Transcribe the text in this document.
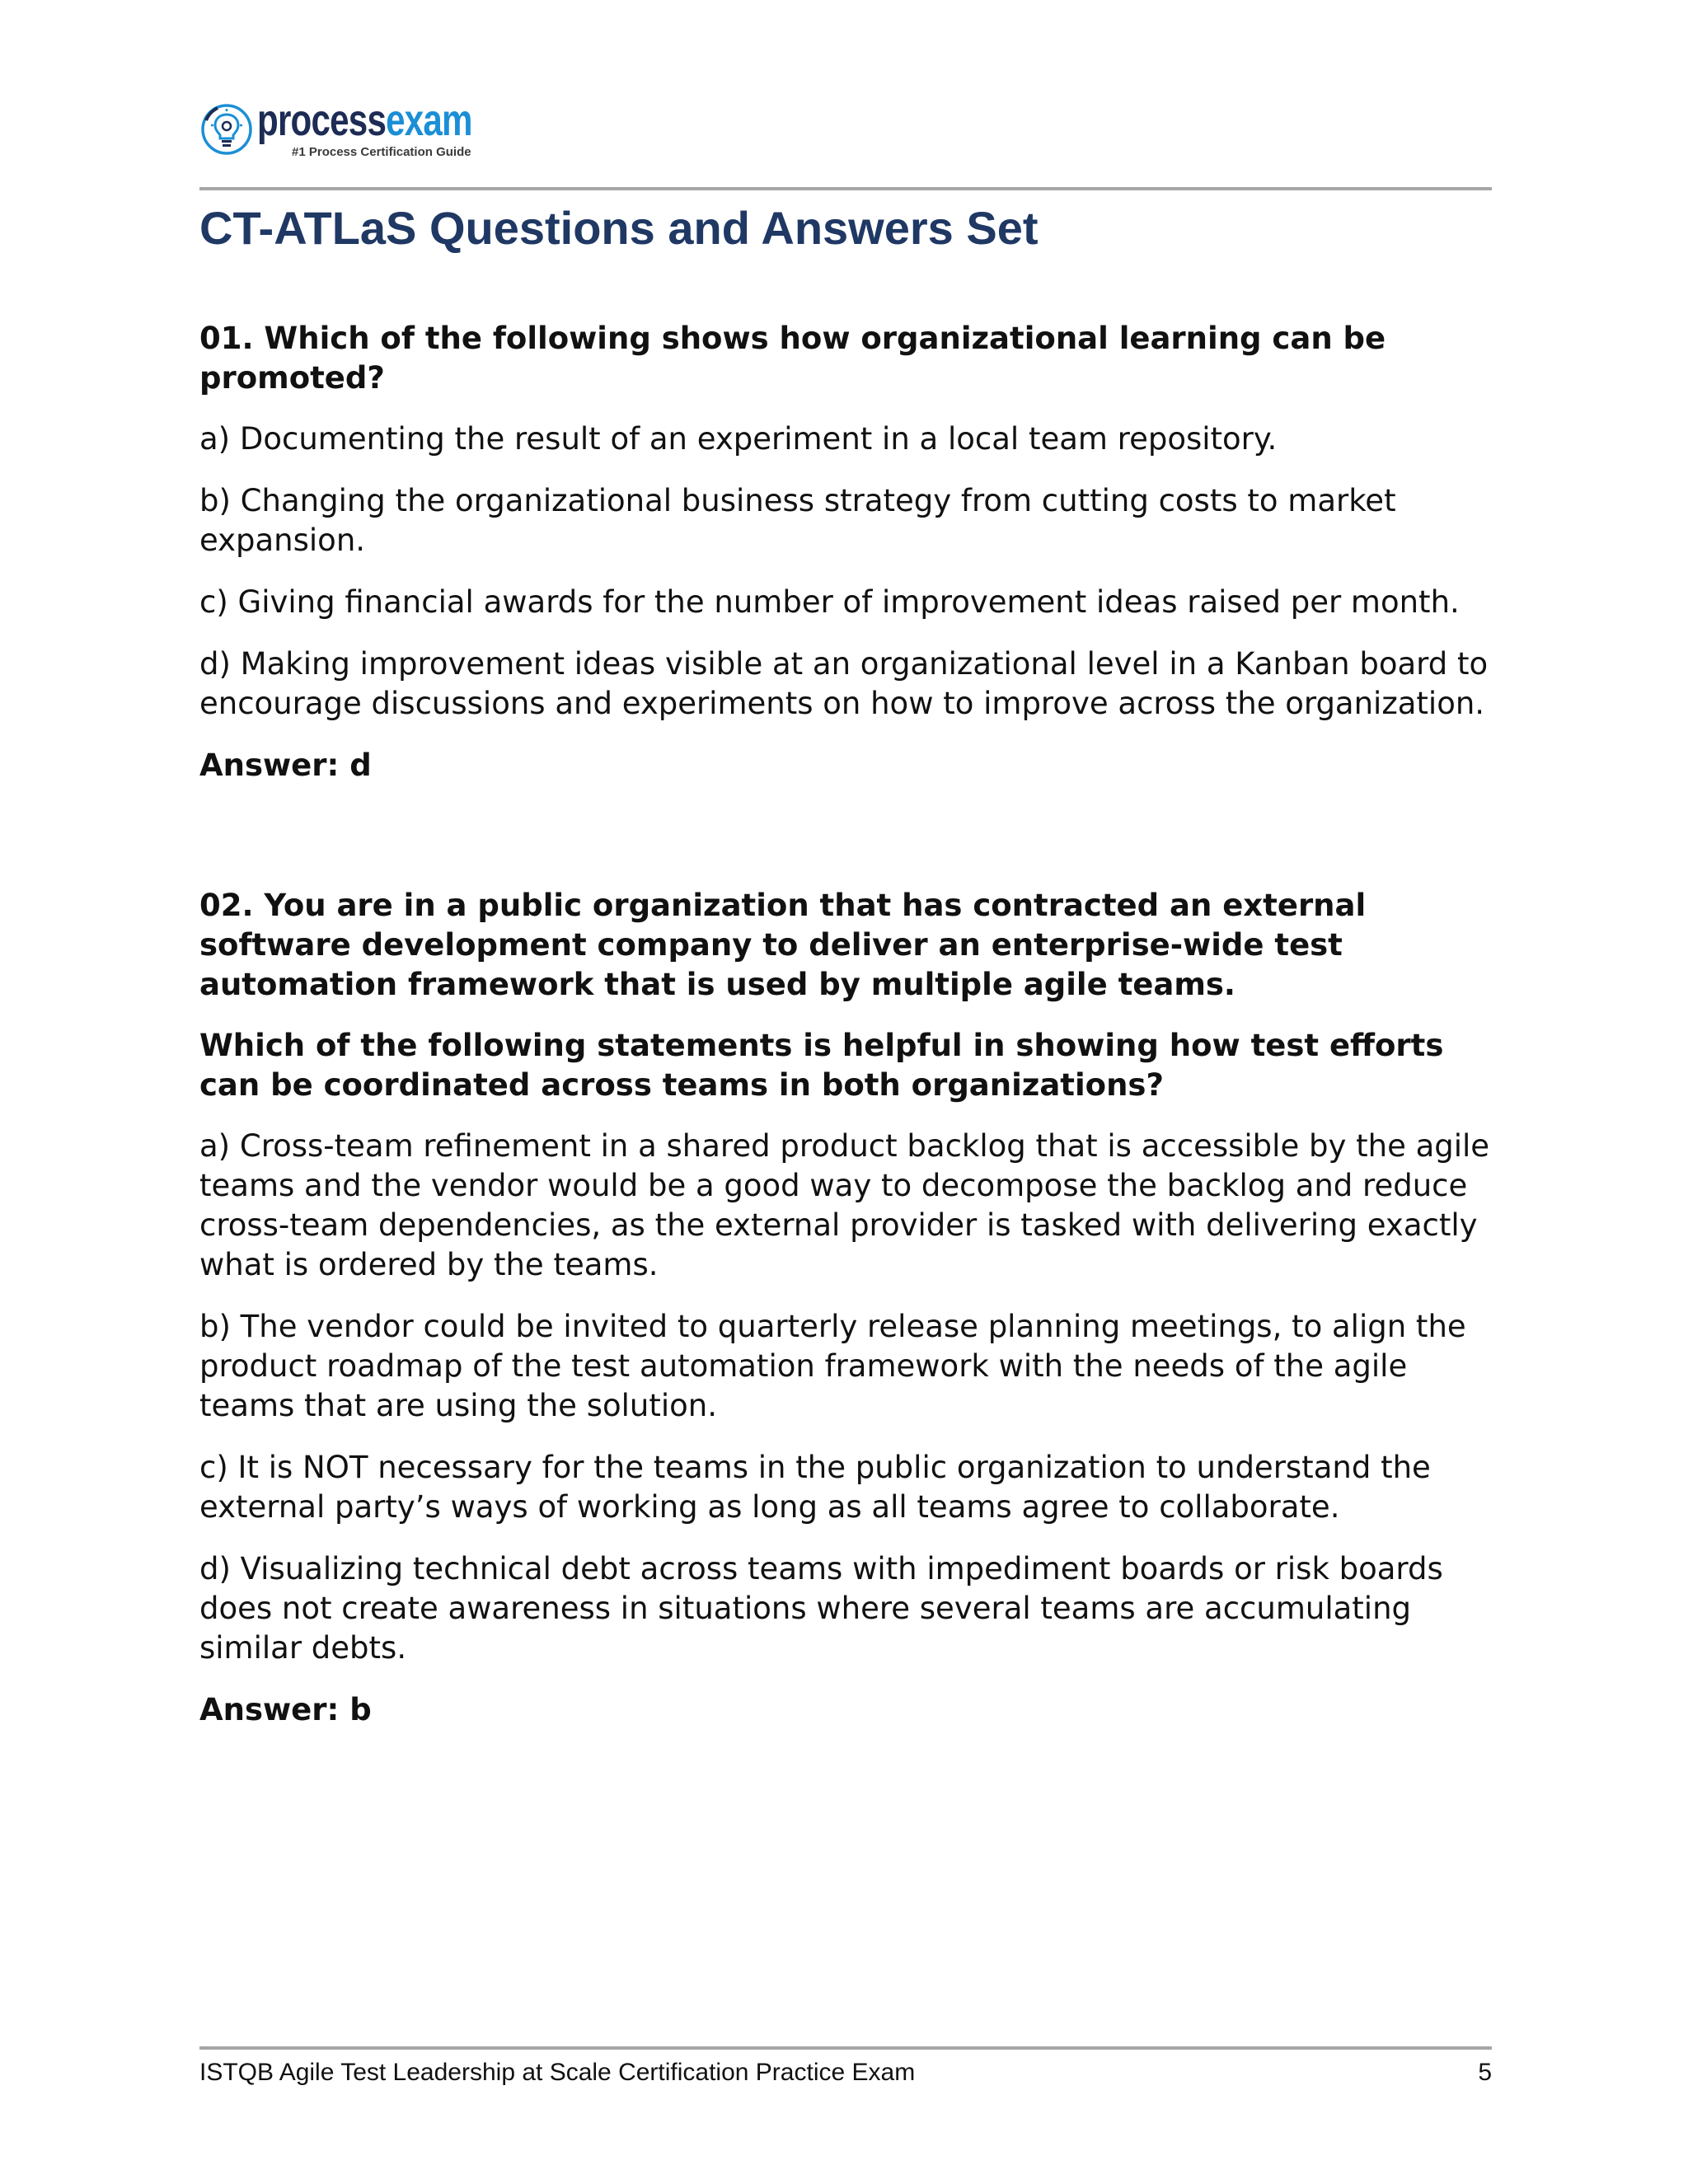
processexam
#1 Process Certification Guide
CT-ATLaS Questions and Answers Set

01. Which of the following shows how organizational learning can be promoted?

a) Documenting the result of an experiment in a local team repository.

b) Changing the organizational business strategy from cutting costs to market expansion.

c) Giving financial awards for the number of improvement ideas raised per month.

d) Making improvement ideas visible at an organizational level in a Kanban board to encourage discussions and experiments on how to improve across the organization.

Answer: d

02. You are in a public organization that has contracted an external software development company to deliver an enterprise-wide test automation framework that is used by multiple agile teams.

Which of the following statements is helpful in showing how test efforts can be coordinated across teams in both organizations?

a) Cross-team refinement in a shared product backlog that is accessible by the agile teams and the vendor would be a good way to decompose the backlog and reduce cross-team dependencies, as the external provider is tasked with delivering exactly what is ordered by the teams.

b) The vendor could be invited to quarterly release planning meetings, to align the product roadmap of the test automation framework with the needs of the agile teams that are using the solution.

c) It is NOT necessary for the teams in the public organization to understand the external party’s ways of working as long as all teams agree to collaborate.

d) Visualizing technical debt across teams with impediment boards or risk boards does not create awareness in situations where several teams are accumulating similar debts.

Answer: b

ISTQB Agile Test Leadership at Scale Certification Practice Exam	5
